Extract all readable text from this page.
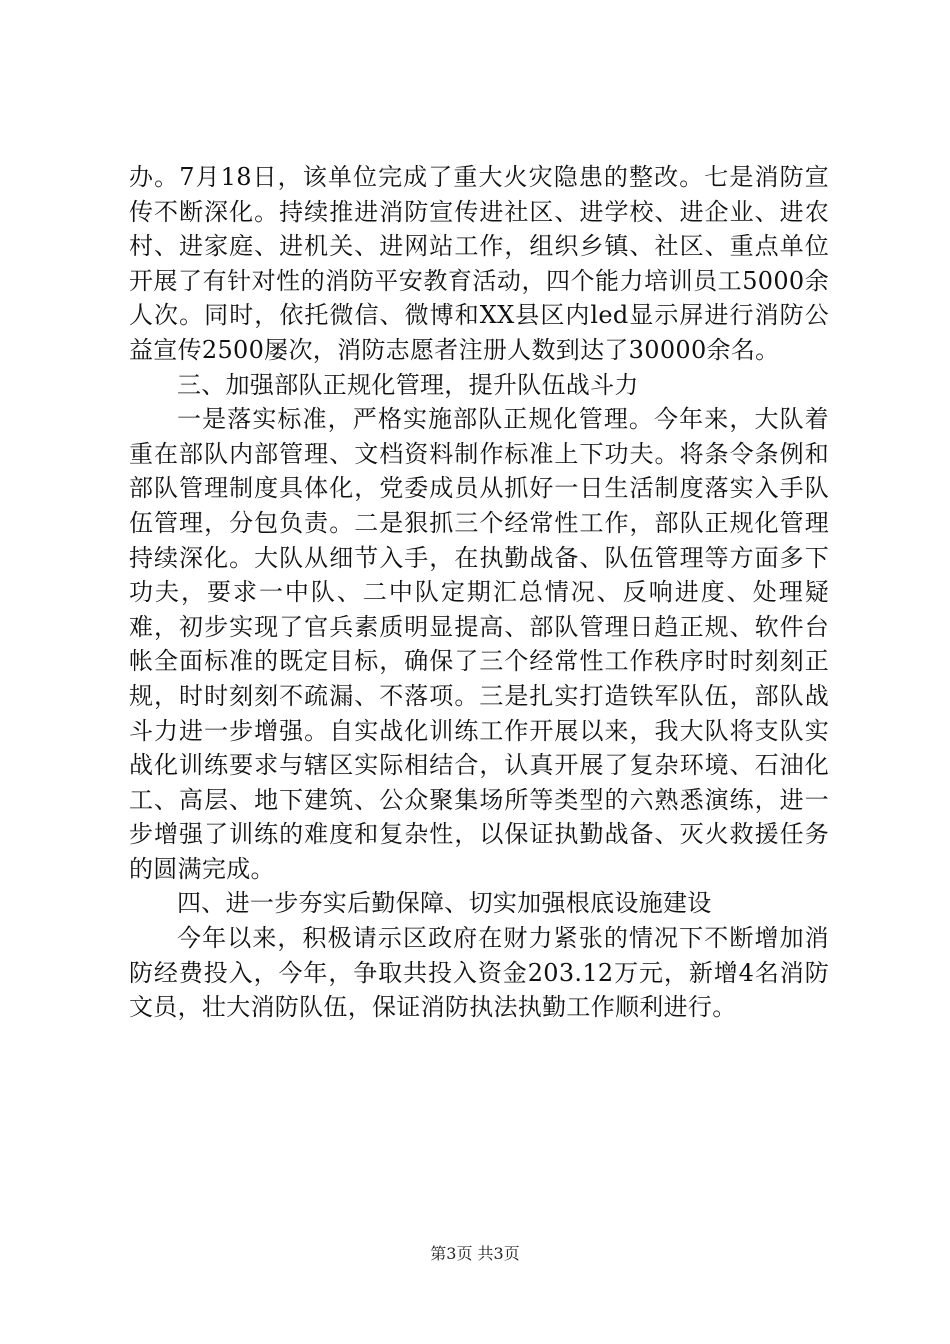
办。7月18日，该单位完成了重大火灾隐患的整改。七是消防宣传不断深化。持续推进消防宣传进社区、进学校、进企业、进农村、进家庭、进机关、进网站工作，组织乡镇、社区、重点单位开展了有针对性的消防平安教育活动，四个能力培训员工5000余人次。同时，依托微信、微博和XX县区内led显示屏进行消防公益宣传2500屡次，消防志愿者注册人数到达了30000余名。

三、加强部队正规化管理，提升队伍战斗力

一是落实标准，严格实施部队正规化管理。今年来，大队着重在部队内部管理、文档资料制作标准上下功夫。将条令条例和部队管理制度具体化，党委成员从抓好一日生活制度落实入手队伍管理，分包负责。二是狠抓三个经常性工作，部队正规化管理持续深化。大队从细节入手，在执勤战备、队伍管理等方面多下功夫，要求一中队、二中队定期汇总情况、反响进度、处理疑难，初步实现了官兵素质明显提高、部队管理日趋正规、软件台帐全面标准的既定目标，确保了三个经常性工作秩序时时刻刻正规，时时刻刻不疏漏、不落项。三是扎实打造铁军队伍，部队战斗力进一步增强。自实战化训练工作开展以来，我大队将支队实战化训练要求与辖区实际相结合，认真开展了复杂环境、石油化工、高层、地下建筑、公众聚集场所等类型的六熟悉演练，进一步增强了训练的难度和复杂性，以保证执勤战备、灭火救援任务的圆满完成。

四、进一步夯实后勤保障、切实加强根底设施建设

今年以来，积极请示区政府在财力紧张的情况下不断增加消防经费投入，今年，争取共投入资金203.12万元，新增4名消防文员，壮大消防队伍，保证消防执法执勤工作顺利进行。

第3页 共3页
